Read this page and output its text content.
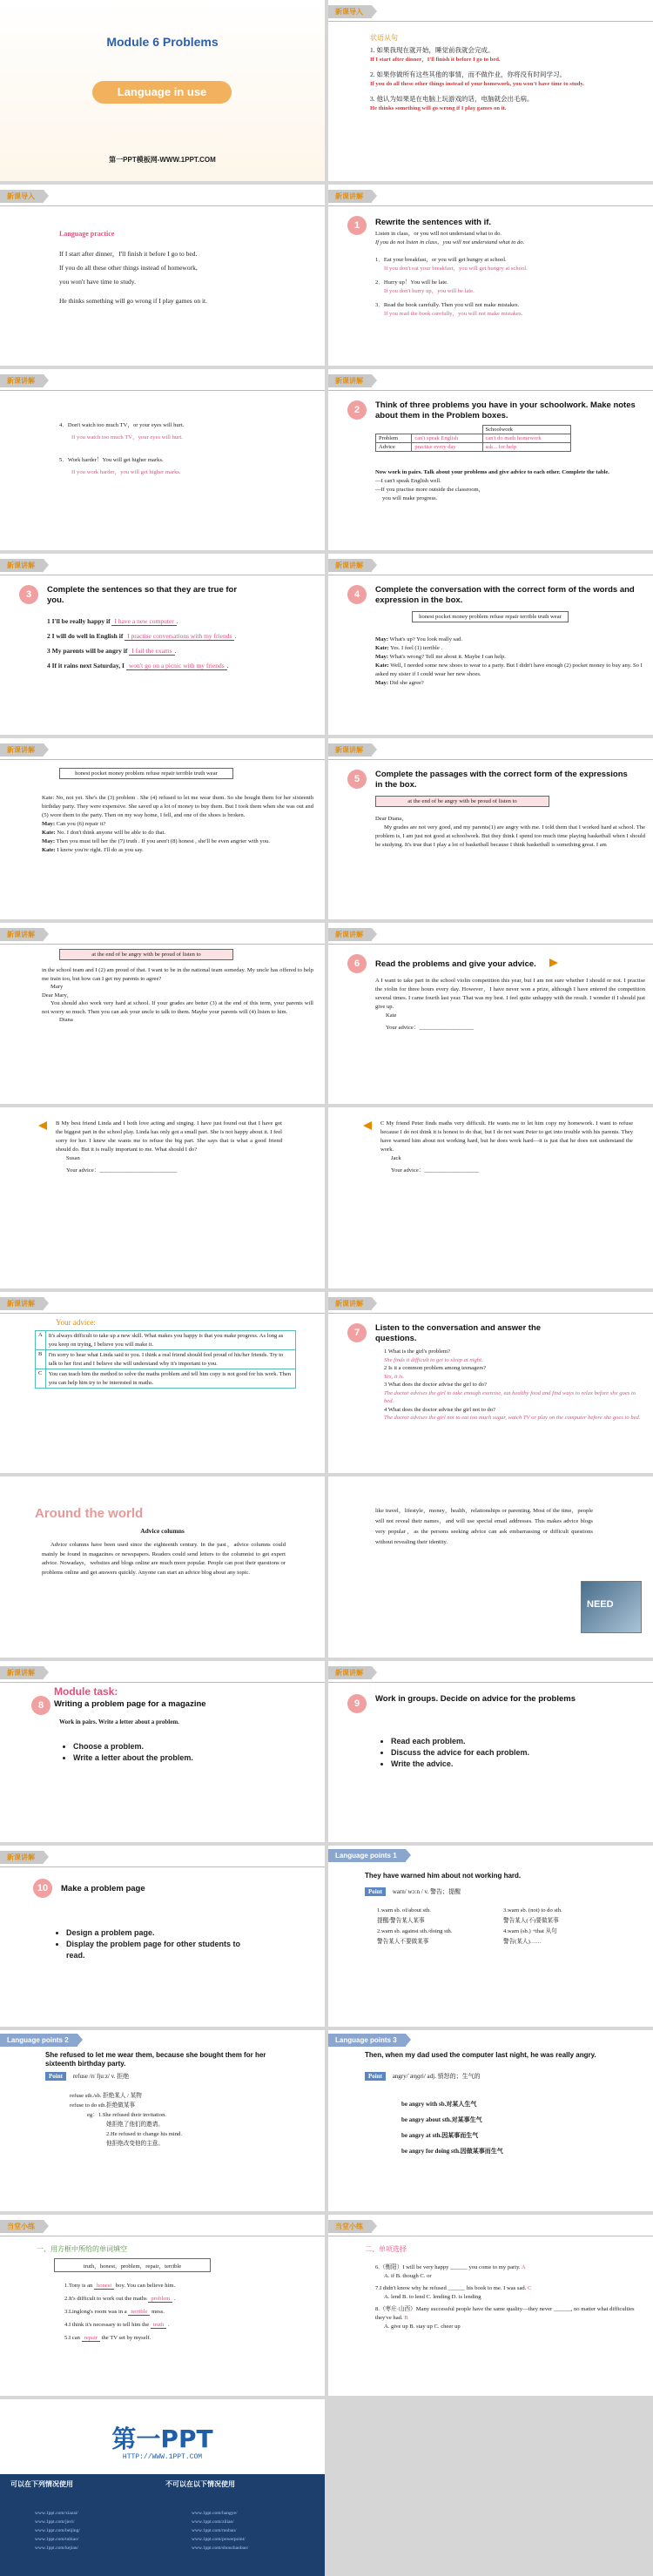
Module 6 Problems
Language in use
第一PPT模板网-WWW.1PPT.COM
新课导入
状语从句
1. 如果我现在就开始，睡觉前我就会完成。
If I start after dinner，I'll finish it before I go to bed.
2. 如果你做所有这些其他的事情，而不做作业，你将没有时间学习。
If you do all these other things instead of your homework, you won't have time to study.
3. 他认为如果是在电脑上玩游戏的话，电脑就会出毛病。
He thinks something will go wrong if I play games on it.
新课导入
Language practice
If I start after dinner，I'll finish it before I go to bed.
If you do all these other things instead of homework,
you won't have time to study.
He thinks something will go wrong if I play games on it.
新课讲解
1	Rewrite the sentences with if.
Listen in class，or you will not understand what to do.
If you do not listen in class，you will not understand what to do.
1．Eat your breakfast，or you will get hungry at school.
If you don't eat your breakfast，you will get hungry at school.
2．Hurry up！You will be late.
If you don't hurry up，you will be late.
3．Read the book carefully. Then you will not make mistakes.
If you read the book carefully，you will not make mistakes.
新课讲解
4．Don't watch too much TV，or your eyes will hurt.
If you watch too much TV，your eyes will hurt.
5．Work harder！You will get higher marks.
If you work harder，you will get higher marks.
新课讲解
2	Think of three problems you have in your schoolwork. Make notes about them in the Problem boxes.
		Schoolwork
Problem	can't speak English	can't do math homework
Advice	practise every day	ask... for help
Now work in pairs. Talk about your problems and give advice to each other. Complete the table.
—I can't speak English well.
—If you practise more outside the classroom，
you will make progress.
新课讲解
3	Complete the sentences so that they are true for you.
1 I'll be really happy if I have a new computer .
2 I will do well in English if I practise conversations with my friends .
3 My parents will be angry if I fail the exams .
4 If it rains next Saturday, I won't go on a picnic with my friends .
新课讲解
4	Complete the conversation with the correct form of the words and expression in the box.
honest pocket money problem refuse repair terrible truth wear
May: What's up? You look really sad.
Kate: Yes. I feel (1) terrible .
May: What's wrong? Tell me about it. Maybe I can help.
Kate: Well, I needed some new shoes to wear to a party. But I didn't have enough (2) pocket money to buy any. So I asked my sister if I could wear her new shoes.
May: Did she agree?
新课讲解
honest pocket money problem refuse repair terrible truth wear
Kate: No, not yet. She's the (3) problem . She (4) refused to let me wear them. So she bought them for her sixteenth birthday party. They were expensive. She saved up a lot of money to buy them. But I took them when she was out and (5) wore them to the party. Then on my way home, I fell, and one of the shoes is broken.
May: Can you (6) repair it?
Kate: No. I don't think anyone will be able to do that.
May: Then you must tell her the (7) truth . If you aren't (8) honest , she'll be even angrier with you.
Kate: I know you're right. I'll do as you say.
新课讲解
5	Complete the passages with the correct form of the expressions in the box.
at the end of be angry with be proud of listen to
Dear Diana，
My grades are not very good, and my parents(1) are angry with me. I told them that I worked hard at school. The problem is, I am just not good at schoolwork. But they think I spend too much time playing basketball when I should be studying. It's true that I play a lot of basketball because I think basketball is something great. I am
新课讲解
at the end of be angry with be proud of listen to
in the school team and I (2) am proud of that. I want to be in the national team someday. My uncle has offered to help me train too, but how can I get my parents to agree?
Mary
Dear Mary，
You should also work very hard at school. If your grades are better (3) at the end of this term, your parents will not worry so much. Then you can ask your uncle to talk to them. Maybe your parents will (4) listen to him.
Diana
新课讲解
6	Read the problems and give your advice.
A I want to take part in the school violin competition this year, but I am not sure whether I should or not. I practise the violin for three hours every day. However，I have never won a prize, although I have entered the competition several times. I came fourth last year. That was my best. I feel quite unhappy with the result. I wonder if I should just give up.
Kate
Your advice：___________________
B My best friend Linda and I both love acting and singing. I have just found out that I have got the biggest part in the school play. Linda has only got a small part. She is not happy about it. I feel sorry for her. I knew she wants me to refuse the big part. She says that is what a good friend should do. But it is really important to me. What should I do?
Susan
Your advice：___________________________
C My friend Peter finds maths very difficult. He wants me to let him copy my homework. I want to refuse because I do not think it is honest to do that, but I do not want Peter to get into trouble with his parents. They have warned him about not working hard, but he does work hard—it is just that he does not understand the work.
Jack
Your advice：___________________
新课讲解
Your advice:
A	It's always difficult to take up a new skill. What makes you happy is that you make progress. As long as you keep on trying, I believe you will make it.
B	I'm sorry to hear what Linda said to you. I think a real friend should feel proud of his/her friends. Try to talk to her first and I believe she will understand why it's important to you.
C	You can teach him the method to solve the maths problem and tell him copy is not good for his work. Then you can help him try to be interested in maths.
新课讲解
7	Listen to the conversation and answer the questions.
1 What is the girl's problem?
She finds it difficult to get to sleep at night.
2 Is it a common problem among teenagers?
Yes, it is.
3 What does the doctor advise the girl to do?
The doctor advises the girl to take enough exercise, eat healthy food and find ways to relax before she goes to bed.
4 What does the doctor advise the girl not to do?
The doctor advises the girl not to eat too much sugar, watch TV or play on the computer before she goes to bed.
Around the world
Advice columns
Advice columns have been used since the eighteenth century. In the past，advice columns could mainly be found in magazines or newspapers. Readers could send letters to the columnist to get expert advice. Nowadays，websites and blogs online are much more popular. People can post their questions or problems online and get answers quickly. Anyone can start an advice blog about any topic.
like travel，lifestyle，money，health，relationships or parenting. Most of the time，people will not reveal their names，and will use special email addresses. This makes advice blogs very popular，as the persons seeking advice can ask embarrassing or difficult questions without revealing their identity.
NEED
新课讲解
Module task:
8	Writing a problem page for a magazine
Work in pairs. Write a letter about a problem.
• Choose a problem.
• Write a letter about the problem.
新课讲解
9	Work in groups. Decide on advice for the problems
• Read each problem.
• Discuss the advice for each problem.
• Write the advice.
新课讲解
10	Make a problem page
• Design a problem page.
• Display the problem page for other students to read.
Language points 1
They have warned him about not working hard.
Point warn/ wɔːn / v. 警告；提醒
1.warn sb. of/about sth.	3.warn sb. (not) to do sth.
提醒/警告某人某事	警告某人(不)要做某事
2.warn sb. against sth./doing sth.	4.warn (sb.) +that 从句
警告某人不要做某事	警告(某人)……
Language points 2
She refused to let me wear them, because she bought them for her sixteenth birthday party.
Point refuse /rɪˈfjuːz/ v. 拒绝
refuse sth./sb. 拒绝某人 / 某物
refuse to do sth.拒绝做某事
eg：1.She refused their invitation.
她拒绝了他们的邀请。
2.He refused to change his mind.
他拒绝改变他的主意。
Language points 3
Then, when my dad used the computer last night, he was really angry.
Point angry/ˈæŋɡri/ adj. 愤怒的；生气的
be angry with sb.对某人生气
be angry about sth.对某事生气
be angry at sth.因某事而生气
be angry for doing sth.因做某事而生气
当堂小练
一、用方框中所给的单词填空
truth，honest，problem，repair，terrible
1.Tony is an honest boy. You can believe him.
2.It's difficult to work out the maths problem .
3.Linglong's room was in a terrible mess.
4.I think it's necessary to tell him the truth .
5.I can repair the TV set by myself.
当堂小练
二、单项选择
6.（衡阳）I will be very happy ______ you come to my party. A
A. if B. though C. or
7.I didn't know why he refused ______ his book to me. I was sad. C
A. lend B. to lend C. lending D. is lending
8.（枣庄·山西）Many successful people have the same quality—they never ______, no matter what difficulties they've had. B
A. give up B. stay up C. cheer up
第一PPT
HTTP://WWW.1PPT.COM
可以在下列情况使用	不可以在以下情况使用
www.1ppt.com/xiazai/
www.1ppt.com/jieri/
www.1ppt.com/beijing/
www.1ppt.com/tubiao/
www.1ppt.com/kejian/
www.1ppt.com/hangye/
www.1ppt.com/ziliao/
www.1ppt.com/moban/
www.1ppt.com/powerpoint/
www.1ppt.com/shouchaobao/
